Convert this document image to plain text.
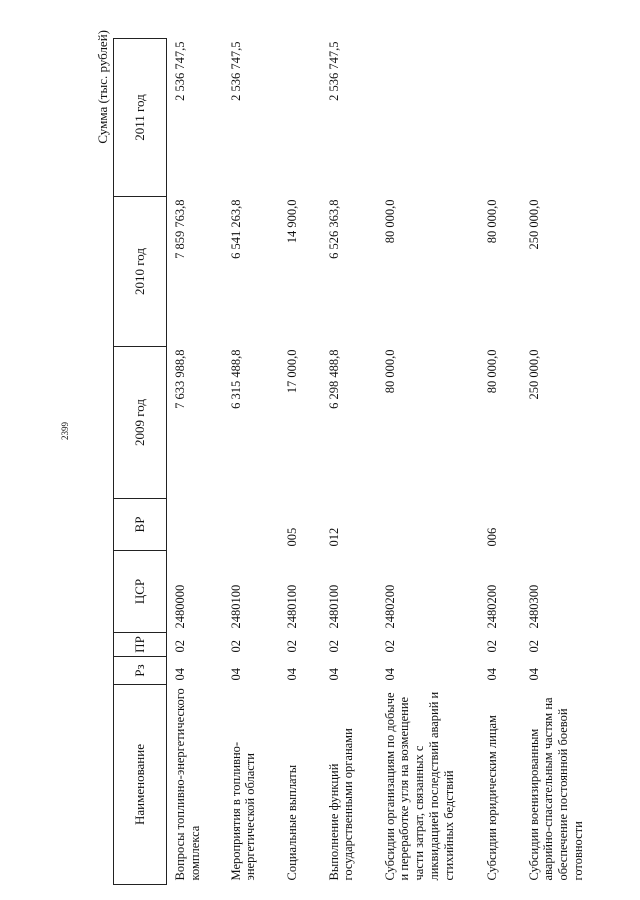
2399
Сумма (тыс. рублей)
Наименование	Рз	ПР	ЦСР	ВР	2009 год	2010 год	2011 год
Вопросы топливно-энергетического комплекса	04	02	2480000		7 633 988,8	7 859 763,8	2 536 747,5
Мероприятия в топливно-энергетической области	04	02	2480100		6 315 488,8	6 541 263,8	2 536 747,5
Социальные выплаты	04	02	2480100	005	17 000,0	14 900,0	
Выполнение функций государственными органами	04	02	2480100	012	6 298 488,8	6 526 363,8	2 536 747,5
Субсидии организациям по добыче и переработке угля на возмещение части затрат, связанных с ликвидацией последствий аварий и стихийных бедствий	04	02	2480200		80 000,0	80 000,0	
Субсидии юридическим лицам	04	02	2480200	006	80 000,0	80 000,0	
Субсидии военизированным аварийно-спасательным частям на обеспечение постоянной боевой готовности	04	02	2480300		250 000,0	250 000,0	
